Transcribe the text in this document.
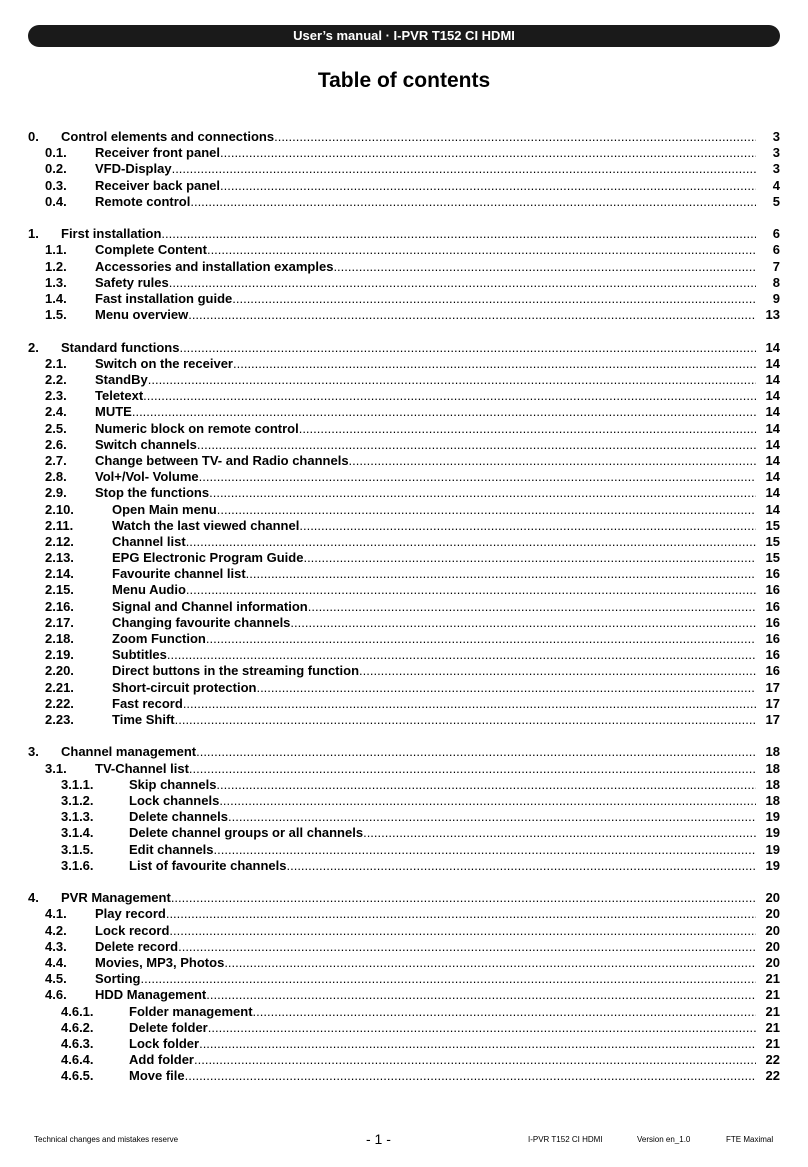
User’s manual · I-PVR T152 CI HDMI
Table of contents
0. Control elements and connections .....	3
0.1. Receiver front panel .....	3
0.2. VFD-Display .....	3
0.3. Receiver back panel .....	4
0.4. Remote control .....	5
1. First installation .....	6
1.1. Complete Content .....	6
1.2. Accessories and installation examples .....	7
1.3. Safety rules .....	8
1.4. Fast installation guide .....	9
1.5. Menu overview .....	13
2. Standard functions .....	14
2.1. Switch on the receiver .....	14
2.2. StandBy .....	14
2.3. Teletext .....	14
2.4. MUTE .....	14
2.5. Numeric block on remote control .....	14
2.6. Switch channels .....	14
2.7. Change between TV- and Radio channels .....	14
2.8. Vol+/Vol- Volume .....	14
2.9. Stop the functions .....	14
2.10.	Open Main menu .....	14
2.11.	Watch the last viewed channel .....	15
2.12.	Channel list .....	15
2.13.	EPG Electronic Program Guide .....	15
2.14.	Favourite channel list .....	16
2.15.	Menu Audio .....	16
2.16.	Signal and Channel information .....	16
2.17.	Changing favourite channels .....	16
2.18.	Zoom Function .....	16
2.19.	Subtitles .....	16
2.20.	Direct buttons in the streaming function .....	16
2.21.	Short-circuit protection .....	17
2.22.	Fast record .....	17
2.23.	Time Shift .....	17
3. Channel management .....	18
3.1. TV-Channel list .....	18
3.1.1.	Skip channels .....	18
3.1.2.	Lock channels .....	18
3.1.3.	Delete channels .....	19
3.1.4.	Delete channel groups or all channels .....	19
3.1.5.	Edit channels .....	19
3.1.6.	List of favourite channels .....	19
4. PVR Management .....	20
4.1. Play record .....	20
4.2. Lock record .....	20
4.3. Delete record .....	20
4.4. Movies, MP3, Photos .....	20
4.5. Sorting .....	21
4.6. HDD Management .....	21
4.6.1.	Folder management .....	21
4.6.2.	Delete folder .....	21
4.6.3.	Lock folder .....	21
4.6.4.	Add folder .....	22
4.6.5.	Move file .....	22
Technical changes and mistakes reserve	- 1 -	I-PVR T152 CI HDMI	Version en_1.0	FTE Maximal
